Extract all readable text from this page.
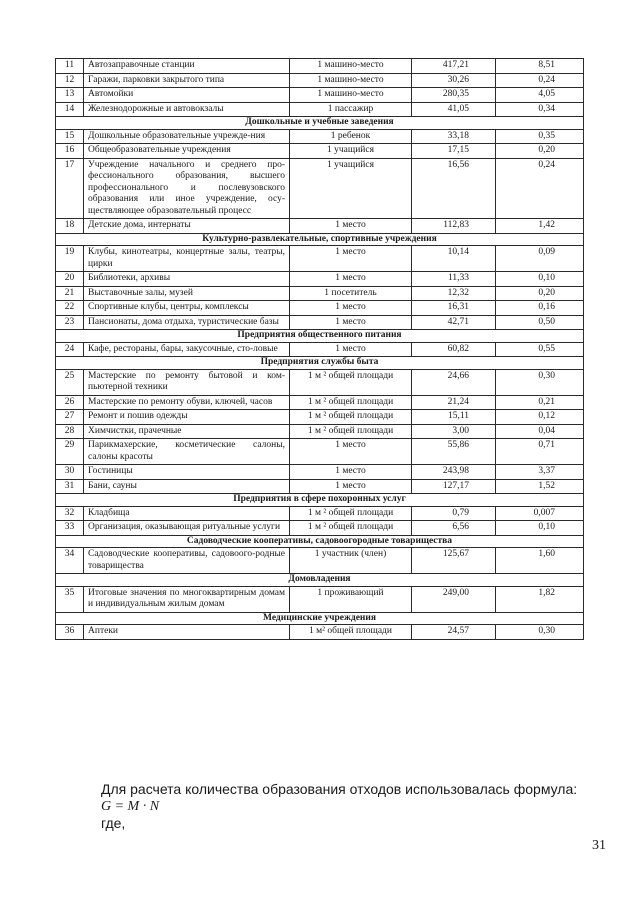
11	Автозаправочные станции	1 машино-место	417,21	8,51
12	Гаражи, парковки закрытого типа	1 машино-место	30,26	0,24
13	Автомойки	1 машино-место	280,35	4,05
14	Железнодорожные и автовокзалы	1 пассажир	41,05	0,34
Дошкольные и учебные заведения				
15	Дошкольные образовательные учрежде-ния	1 ребенок	33,18	0,35
16	Общеобразовательные учреждения	1 учащийся	17,15	0,20
17	Учреждение начального и среднего про-фессионального образования, высшего профессионального и послевузовского образования или иное учреждение, осу-ществляющее образовательный процесс	1 учащийся	16,56	0,24
18	Детские дома, интернаты	1 место	112,83	1,42
Культурно-развлекательные, спортивные учреждения				
19	Клубы, кинотеатры, концертные залы, театры, цирки	1 место	10,14	0,09
20	Библиотеки, архивы	1 место	11,33	0,10
21	Выставочные залы, музей	1 посетитель	12,32	0,20
22	Спортивные клубы, центры, комплексы	1 место	16,31	0,16
23	Пансионаты, дома отдыха, туристические базы	1 место	42,71	0,50
Предприятия общественного питания				
24	Кафе, рестораны, бары, закусочные, сто-ловые	1 место	60,82	0,55
Предприятия службы быта				
25	Мастерские по ремонту бытовой и ком-пьютерной техники	1 м ² общей площади	24,66	0,30
26	Мастерские по ремонту обуви, ключей, часов	1 м ² общей площади	21,24	0,21
27	Ремонт и пошив одежды	1 м ² общей площади	15,11	0,12
28	Химчистки, прачечные	1 м ² общей площади	3,00	0,04
29	Парикмахерские, косметические салоны, салоны красоты	1 место	55,86	0,71
30	Гостиницы	1 место	243,98	3,37
31	Бани, сауны	1 место	127,17	1,52
Предприятия в сфере похоронных услуг				
32	Кладбища	1 м ² общей площади	0,79	0,007
33	Организация, оказывающая ритуальные услуги	1 м ² общей площади	6,56	0,10
Садоводческие кооперативы, садовоогородные товарищества				
34	Садоводческие кооперативы, садовоого-родные товарищества	1 участник (член)	125,67	1,60
Домовладения				
35	Итоговые значения по многоквартирным домам и индивидуальным жилым домам	1 проживающий	249,00	1,82
Медицинские учреждения				
36	Аптеки	1 м² общей площади	24,57	0,30
Для расчета количества образования отходов использовалась формула:
G = M · N
где,
31
